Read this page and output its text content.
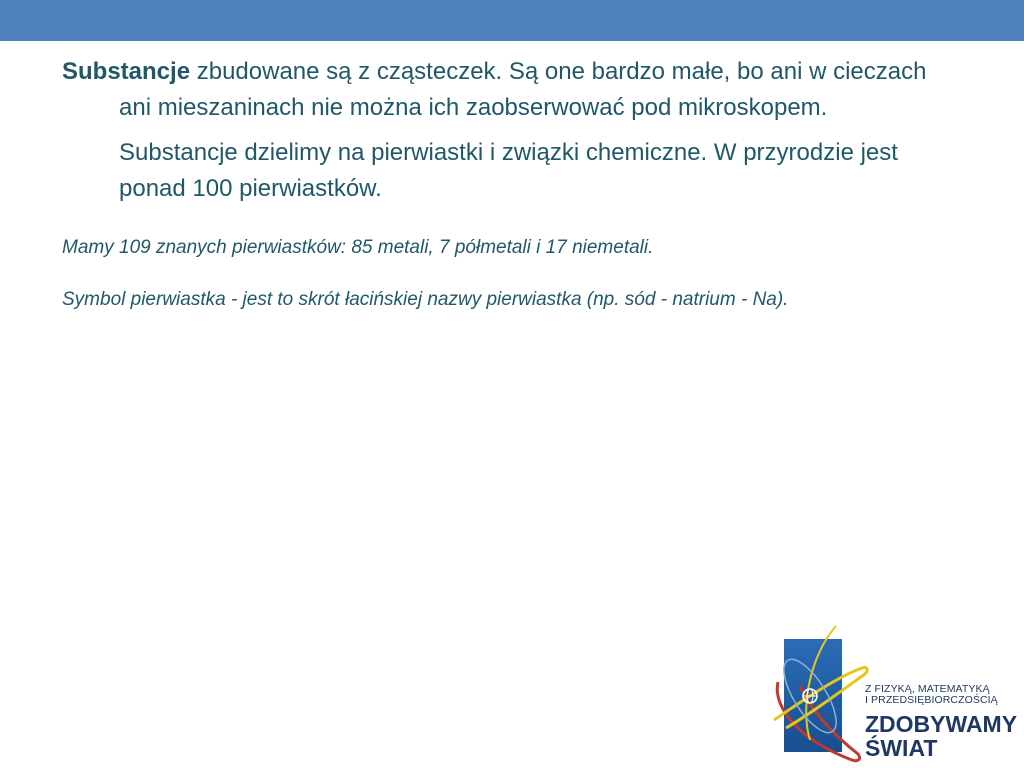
Substancje zbudowane są z cząsteczek. Są one bardzo małe, bo ani w cieczach ani mieszaninach nie można ich zaobserwować pod mikroskopem.

Substancje dzielimy na pierwiastki i związki chemiczne. W przyrodzie jest ponad 100 pierwiastków.

Mamy 109 znanych pierwiastków: 85 metali, 7 półmetali i 17 niemetali.

Symbol pierwiastka - jest to skrót łacińskiej nazwy pierwiastka (np. sód - natrium - Na).

Z FIZYKĄ, MATEMATYKĄ

I PRZEDSIĘBIORCZOŚCIĄ

ZDOBYWAMY

ŚWIAT
